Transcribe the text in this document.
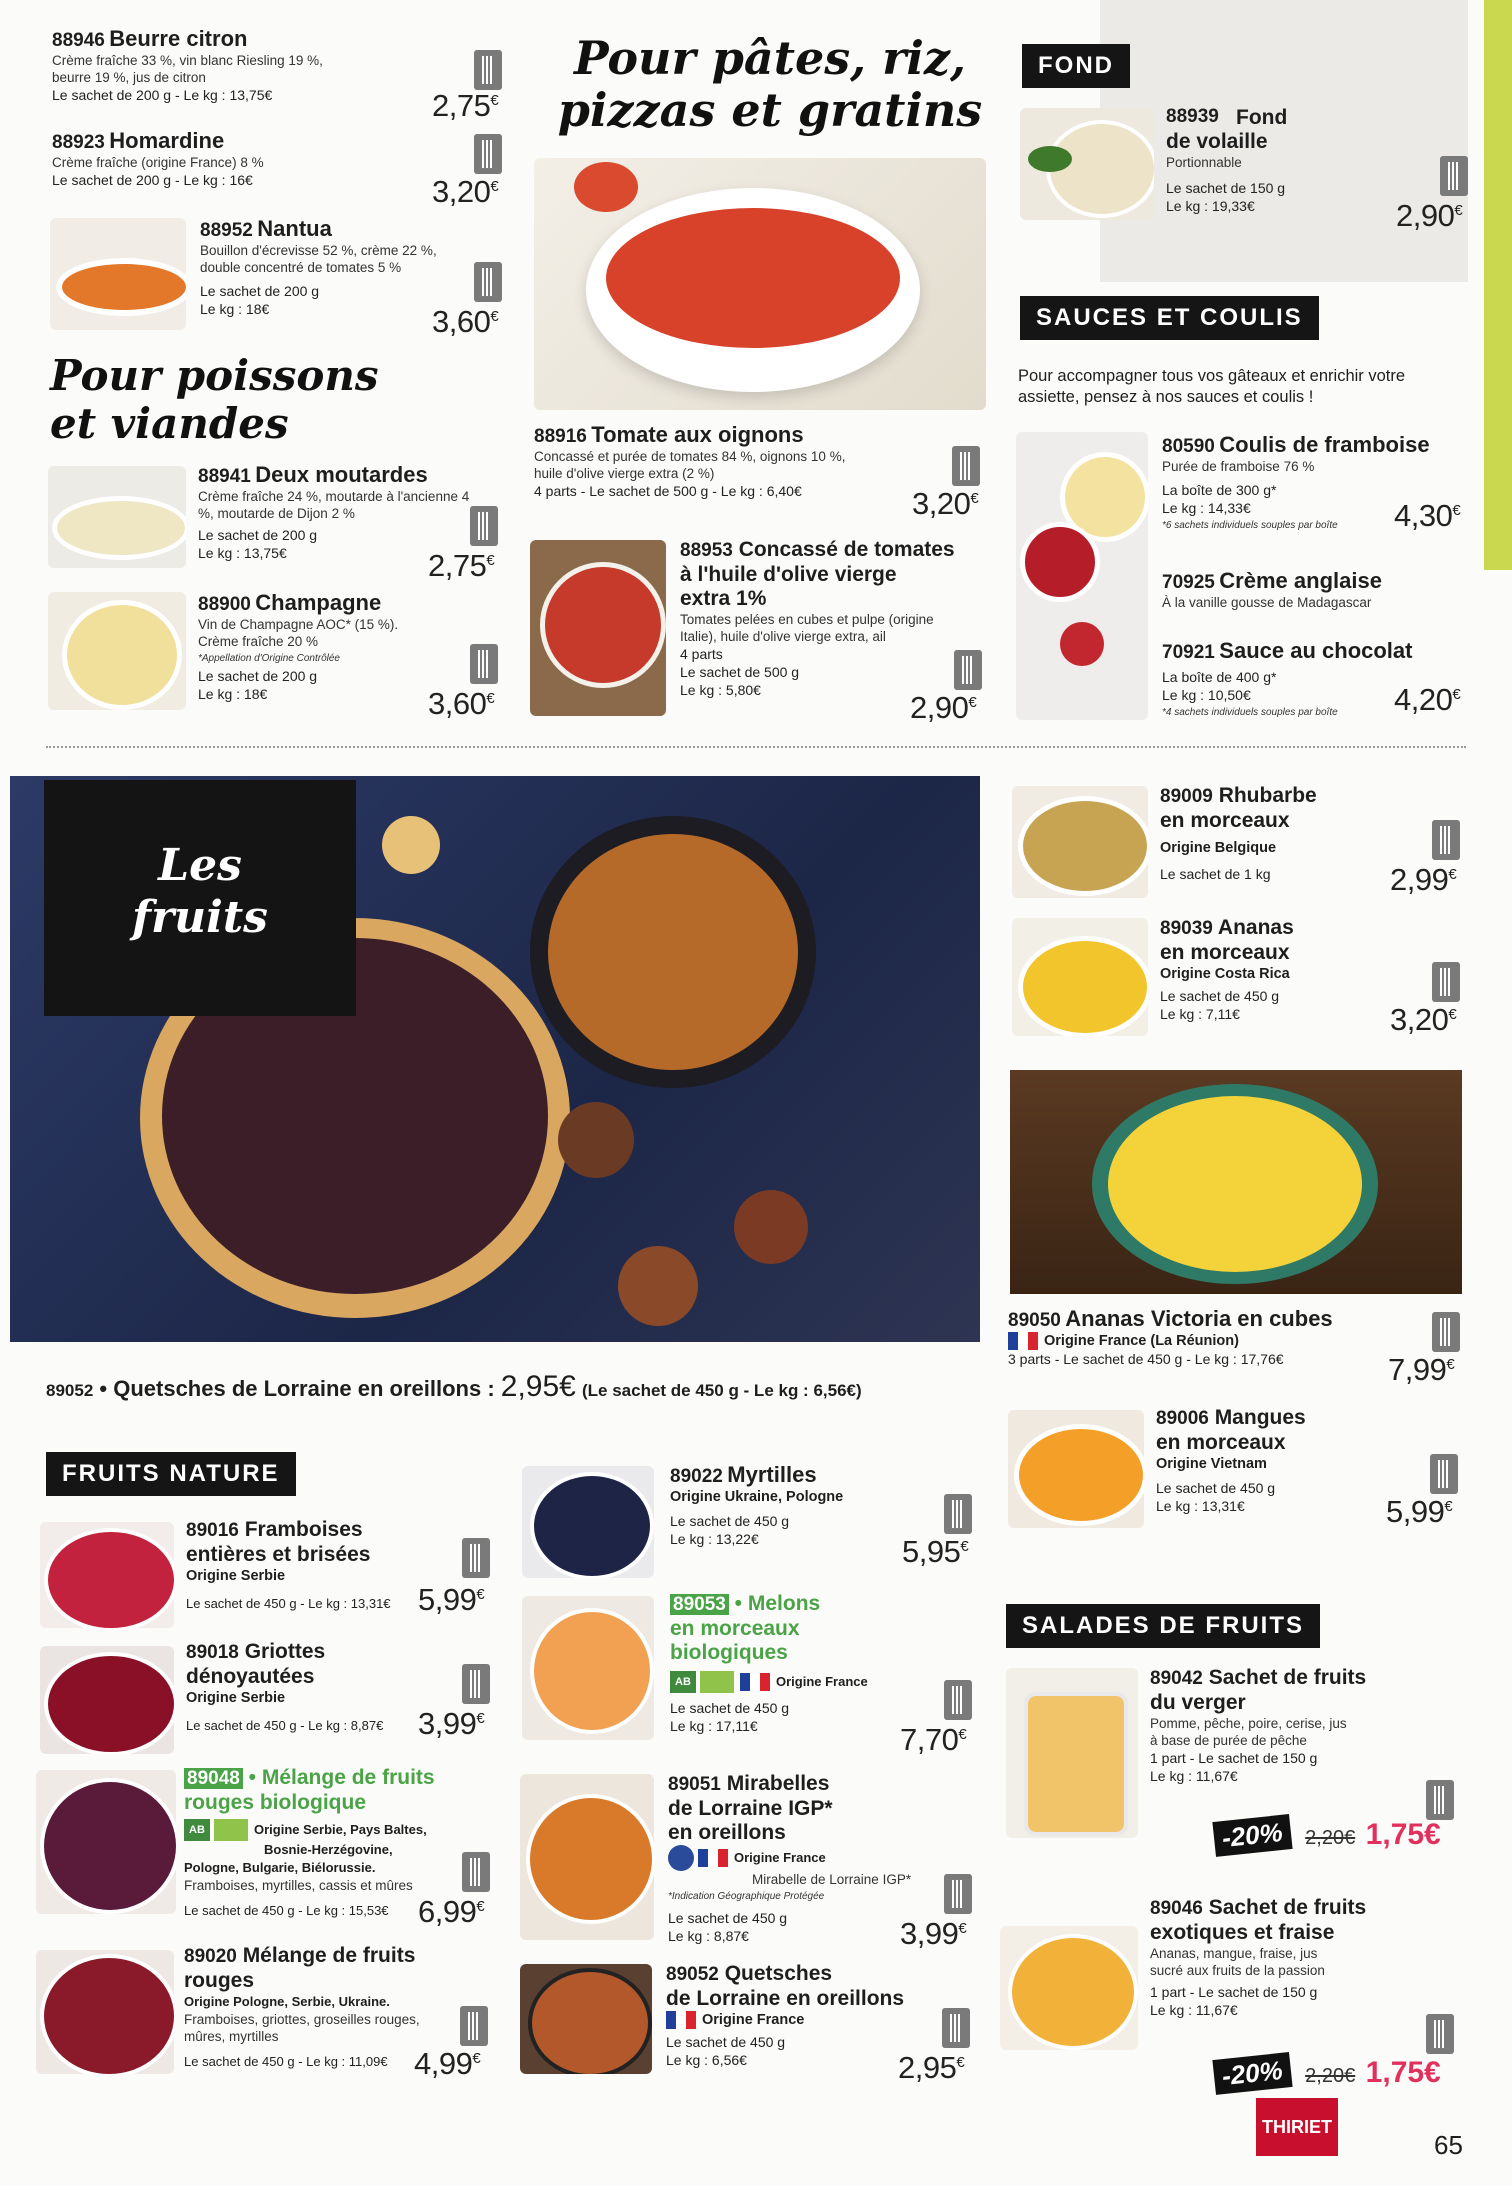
88946 Beurre citron
Crème fraîche 33 %, vin blanc Riesling 19 %, beurre 19 %, jus de citron
Le sachet de 200 g - Le kg : 13,75€	2,75€
88923 Homardine
Crème fraîche (origine France) 8 %
Le sachet de 200 g - Le kg : 16€	3,20€
88952 Nantua
Bouillon d'écrevisse 52 %, crème 22 %, double concentré de tomates 5 %
Le sachet de 200 g
Le kg : 18€	3,60€
Pour poissons
et viandes
88941 Deux moutardes
Crème fraîche 24 %, moutarde à l'ancienne 4 %, moutarde de Dijon 2 %
Le sachet de 200 g
Le kg : 13,75€	2,75€
88900 Champagne
Vin de Champagne AOC* (15 %). Crème fraîche 20 %
*Appellation d'Origine Contrôlée
Le sachet de 200 g
Le kg : 18€	3,60€
Pour pâtes, riz,
pizzas et gratins
88916 Tomate aux oignons
Concassé et purée de tomates 84 %, oignons 10 %, huile d'olive vierge extra (2 %)
4 parts - Le sachet de 500 g - Le kg : 6,40€	3,20€
88953 Concassé de tomates
à l'huile d'olive vierge
extra 1%
Tomates pelées en cubes et pulpe (origine Italie), huile d'olive vierge extra, ail
4 parts
Le sachet de 500 g
Le kg : 5,80€	2,90€
FOND
88939 Fond
de volaille
Portionnable
Le sachet de 150 g
Le kg : 19,33€	2,90€
SAUCES ET COULIS
Pour accompagner tous vos gâteaux et enrichir votre assiette, pensez à nos sauces et coulis !
80590 Coulis de framboise
Purée de framboise 76 %
La boîte de 300 g*
Le kg : 14,33€
*6 sachets individuels souples par boîte	4,30€
70925 Crème anglaise
À la vanille gousse de Madagascar
70921 Sauce au chocolat
La boîte de 400 g*
Le kg : 10,50€
*4 sachets individuels souples par boîte	4,20€
Les
fruits
89052 • Quetsches de Lorraine en oreillons : 2,95€ (Le sachet de 450 g - Le kg : 6,56€)
89009 Rhubarbe
en morceaux
Origine Belgique
Le sachet de 1 kg	2,99€
89039 Ananas
en morceaux
Origine Costa Rica
Le sachet de 450 g
Le kg : 7,11€	3,20€
89050 Ananas Victoria en cubes
Origine France (La Réunion)
3 parts - Le sachet de 450 g - Le kg : 17,76€	7,99€
89006 Mangues
en morceaux
Origine Vietnam
Le sachet de 450 g
Le kg : 13,31€	5,99€
FRUITS NATURE
89016 Framboises
entières et brisées
Origine Serbie
Le sachet de 450 g - Le kg : 13,31€ 5,99€
89018 Griottes
dénoyautées
Origine Serbie
Le sachet de 450 g - Le kg : 8,87€	3,99€
89048 • Mélange de fruits
rouges biologique
AB	Origine Serbie, Pays Baltes,
Bosnie-Herzégovine,
Pologne, Bulgarie, Biélorussie.
Framboises, myrtilles, cassis et mûres
Le sachet de 450 g - Le kg : 15,53€ 6,99€
89020 Mélange de fruits
rouges
Origine Pologne, Serbie, Ukraine.
Framboises, griottes, groseilles rouges, mûres, myrtilles
Le sachet de 450 g - Le kg : 11,09€ 4,99€
89022 Myrtilles
Origine Ukraine, Pologne
Le sachet de 450 g
Le kg : 13,22€	5,95€
89053 • Melons
en morceaux
biologiques
AB	Origine France
Le sachet de 450 g
Le kg : 17,11€	7,70€
89051 Mirabelles
de Lorraine IGP*
en oreillons
Origine France
Mirabelle de Lorraine IGP*
*Indication Géographique Protégée
Le sachet de 450 g
Le kg : 8,87€	3,99€
89052 Quetsches
de Lorraine en oreillons
Origine France
Le sachet de 450 g
Le kg : 6,56€	2,95€
SALADES DE FRUITS
89042 Sachet de fruits
du verger
Pomme, pêche, poire, cerise, jus à base de purée de pêche
1 part - Le sachet de 150 g
Le kg : 11,67€
-20% 2,20€ 1,75€
89046 Sachet de fruits
exotiques et fraise
Ananas, mangue, fraise, jus sucré aux fruits de la passion
1 part - Le sachet de 150 g
Le kg : 11,67€
-20% 2,20€ 1,75€
THIRIET
65
